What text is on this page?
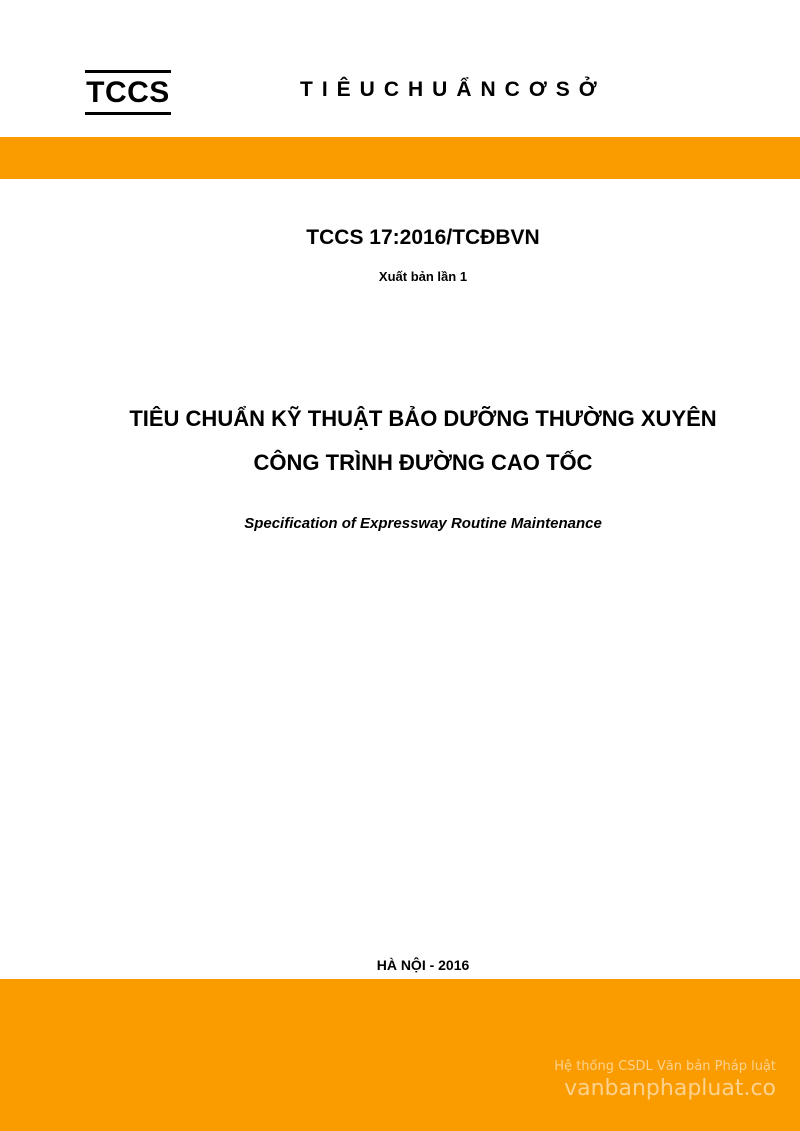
TCCS	TIÊUCHUẨNCƠSỞ
TCCS 17:2016/TCĐBVN
Xuất bản lần 1
TIÊU CHUẨN KỸ THUẬT BẢO DƯỠNG THƯỜNG XUYÊN
CÔNG TRÌNH ĐƯỜNG CAO TỐC
Specification of Expressway Routine Maintenance
HÀ NỘI - 2016
Hệ thống CSDL Văn bản Pháp luật
vanbanphapluat.co
